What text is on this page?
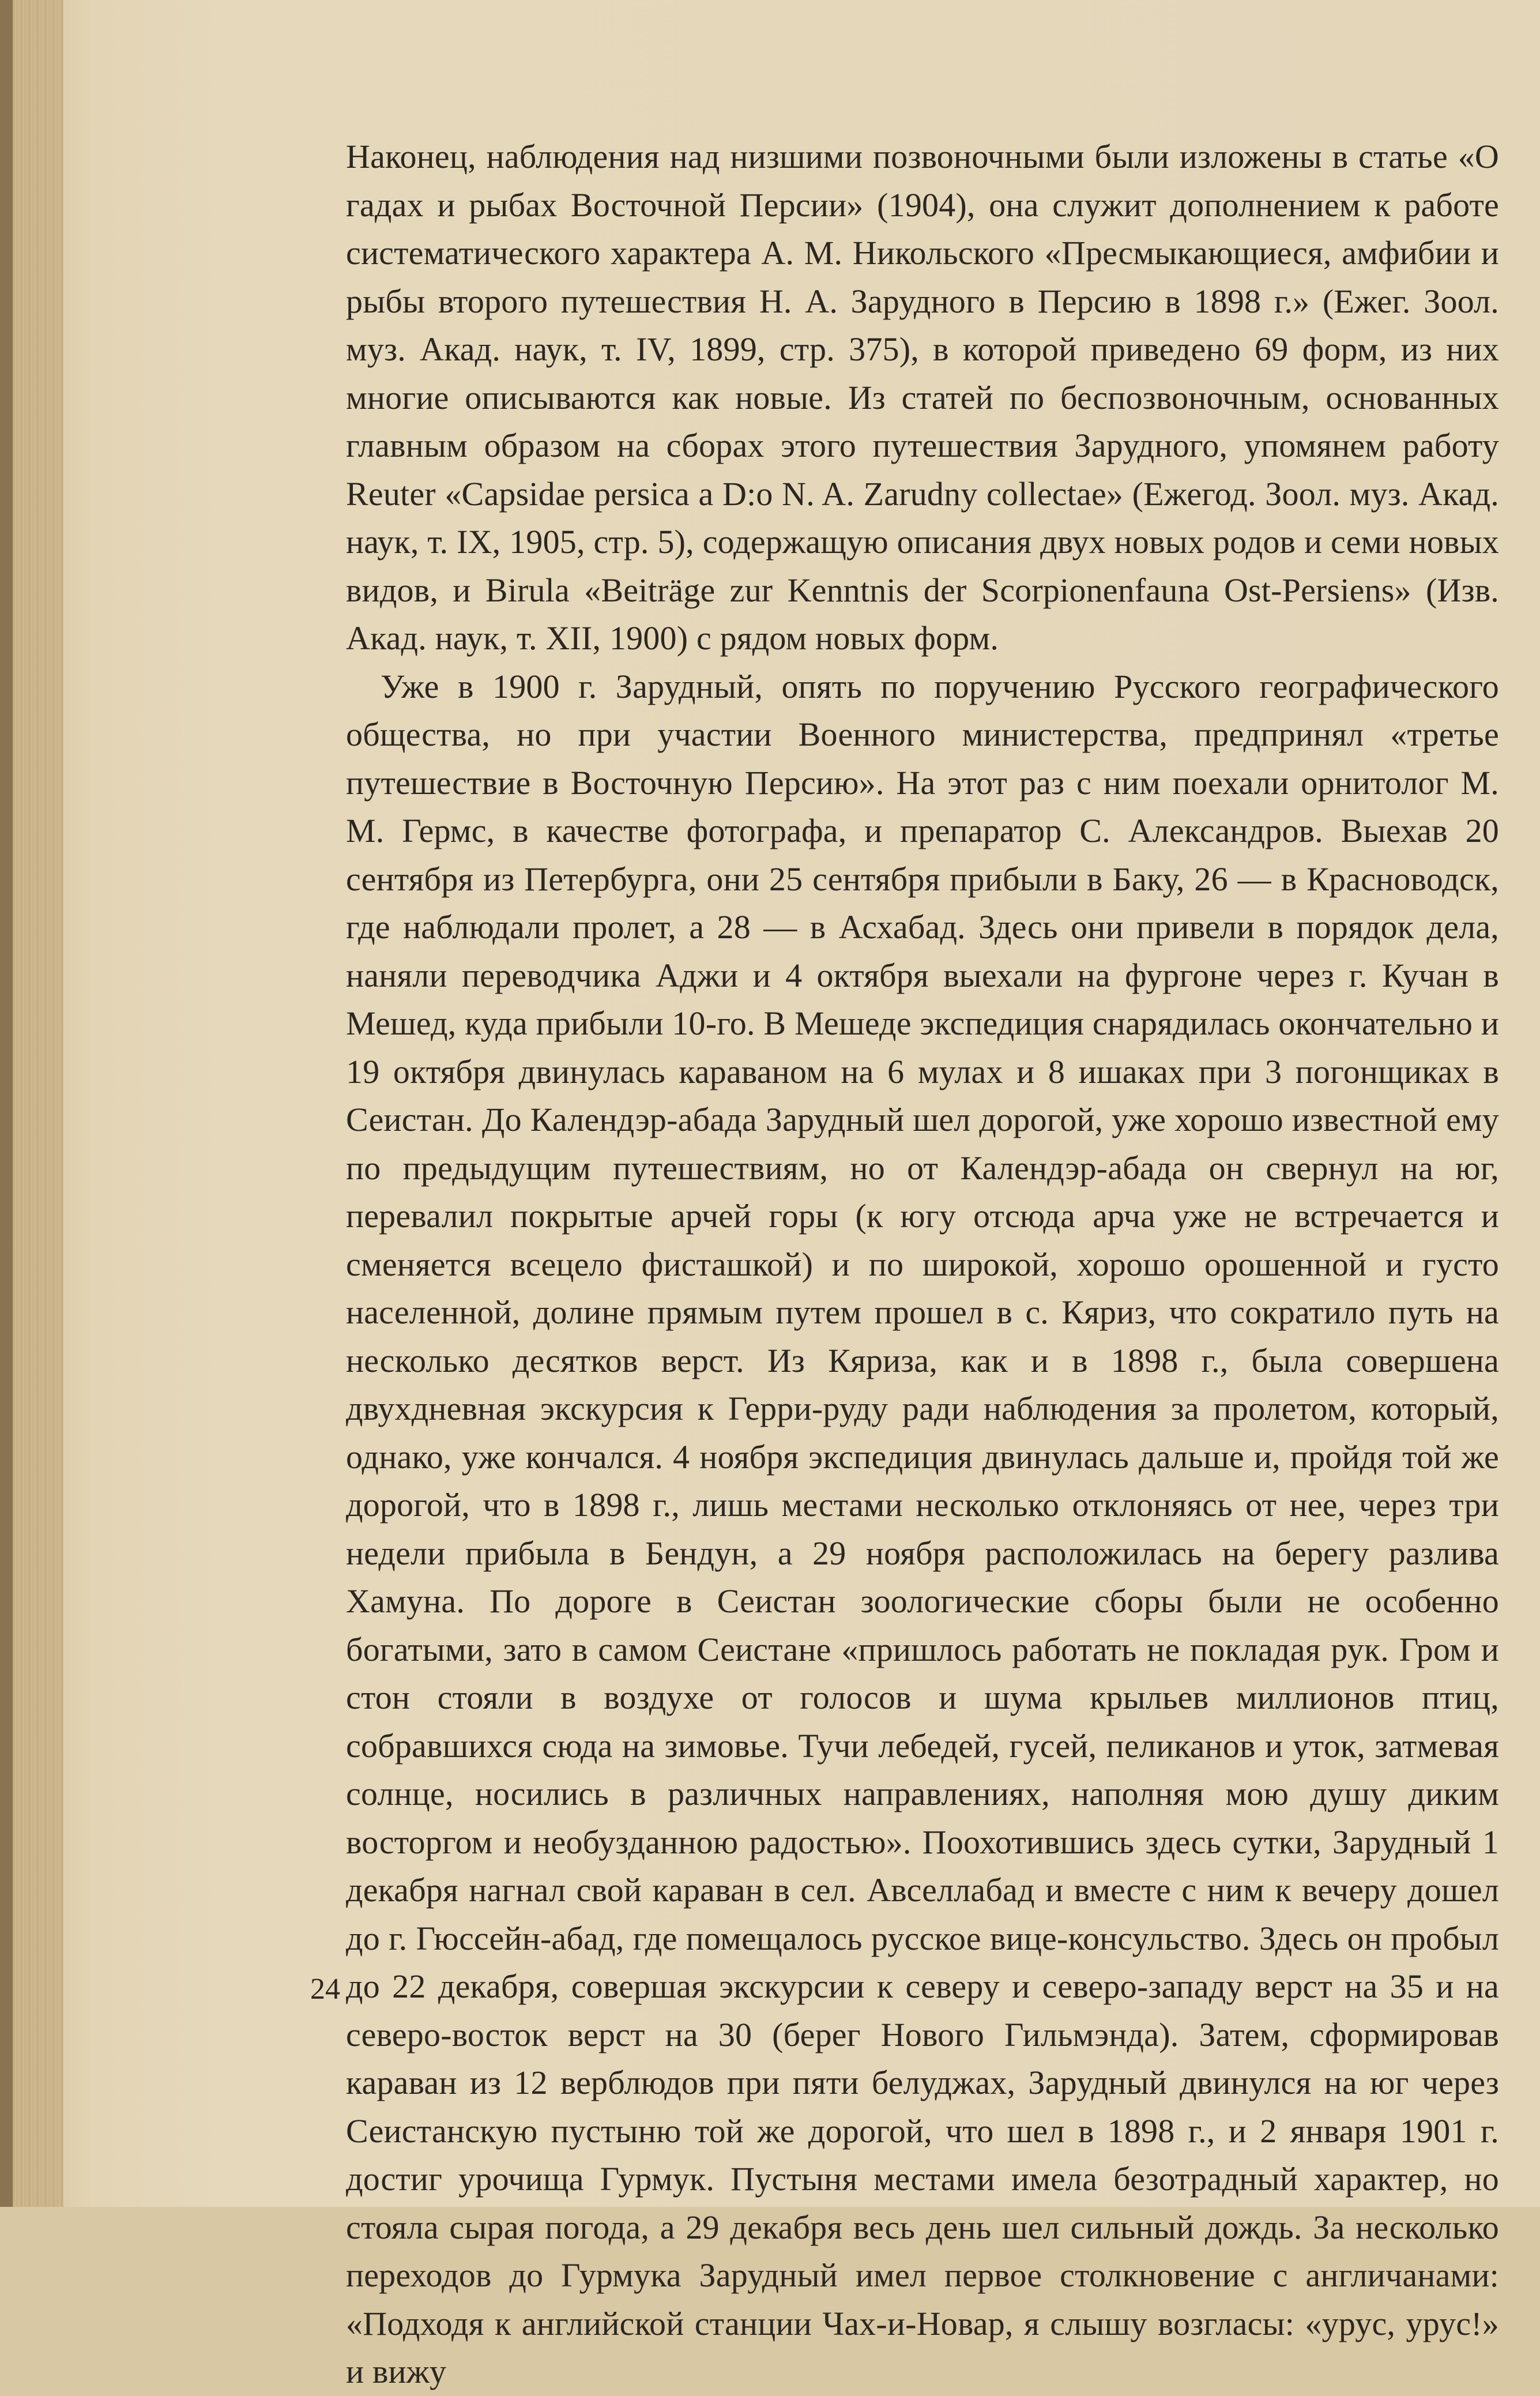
Наконец, наблюдения над низшими позвоночными были изложены в статье «О гадах и рыбах Восточной Персии» (1904), она служит дополнением к работе систематического характера А. М. Никольского «Пресмыкающиеся, амфибии и рыбы второго путешествия Н. А. Зарудного в Персию в 1898 г.» (Ежег. Зоол. муз. Акад. наук, т. IV, 1899, стр. 375), в которой приведено 69 форм, из них многие описываются как новые. Из статей по беспозвоночным, основанных главным образом на сборах этого путешествия Зарудного, упомянем работу Reuter «Capsidae persica a D:o N. A. Zarudny collectae» (Ежегод. Зоол. муз. Акад. наук, т. IX, 1905, стр. 5), содержащую описания двух новых родов и семи новых видов, и Birula «Beiträge zur Kenntnis der Scorpionenfauna Ost-Persiens» (Изв. Акад. наук, т. XII, 1900) с рядом новых форм.

Уже в 1900 г. Зарудный, опять по поручению Русского географического общества, но при участии Военного министерства, предпринял «третье путешествие в Восточную Персию». На этот раз с ним поехали орнитолог М. М. Гермс, в качестве фотографа, и препаратор С. Александров. Выехав 20 сентября из Петербурга, они 25 сентября прибыли в Баку, 26 — в Красноводск, где наблюдали пролет, а 28 — в Асхабад. Здесь они привели в порядок дела, наняли переводчика Аджи и 4 октября выехали на фургоне через г. Кучан в Мешед, куда прибыли 10-го. В Мешеде экспедиция снарядилась окончательно и 19 октября двинулась караваном на 6 мулах и 8 ишаках при 3 погонщиках в Сеистан. До Календэр-абада Зарудный шел дорогой, уже хорошо известной ему по предыдущим путешествиям, но от Календэр-абада он свернул на юг, перевалил покрытые арчей горы (к югу отсюда арча уже не встречается и сменяется всецело фисташкой) и по широкой, хорошо орошенной и густо населенной, долине прямым путем прошел в с. Кяриз, что сократило путь на несколько десятков верст. Из Кяриза, как и в 1898 г., была совершена двухдневная экскурсия к Герри-руду ради наблюдения за пролетом, который, однако, уже кончался. 4 ноября экспедиция двинулась дальше и, пройдя той же дорогой, что в 1898 г., лишь местами несколько отклоняясь от нее, через три недели прибыла в Бендун, а 29 ноября расположилась на берегу разлива Хамуна. По дороге в Сеистан зоологические сборы были не особенно богатыми, зато в самом Сеистане «пришлось работать не покладая рук. Гром и стон стояли в воздухе от голосов и шума крыльев миллионов птиц, собравшихся сюда на зимовье. Тучи лебедей, гусей, пеликанов и уток, затмевая солнце, носились в различных направлениях, наполняя мою душу диким восторгом и необузданною радостью». Поохотившись здесь сутки, Зарудный 1 декабря нагнал свой караван в сел. Авселлабад и вместе с ним к вечеру дошел до г. Гюссейн-абад, где помещалось русское вице-консульство. Здесь он пробыл до 22 декабря, совершая экскурсии к северу и северо-западу верст на 35 и на северо-восток верст на 30 (берег Нового Гильмэнда). Затем, сформировав караван из 12 верблюдов при пяти белуджах, Зарудный двинулся на юг через Сеистанскую пустыню той же дорогой, что шел в 1898 г., и 2 января 1901 г. достиг урочища Гурмук. Пустыня местами имела безотрадный характер, но стояла сырая погода, а 29 декабря весь день шел сильный дождь. За несколько переходов до Гурмука Зарудный имел первое столкновение с англичанами: «Подходя к английской станции Чах-и-Новар, я слышу возгласы: «урус, урус!» и вижу

24
